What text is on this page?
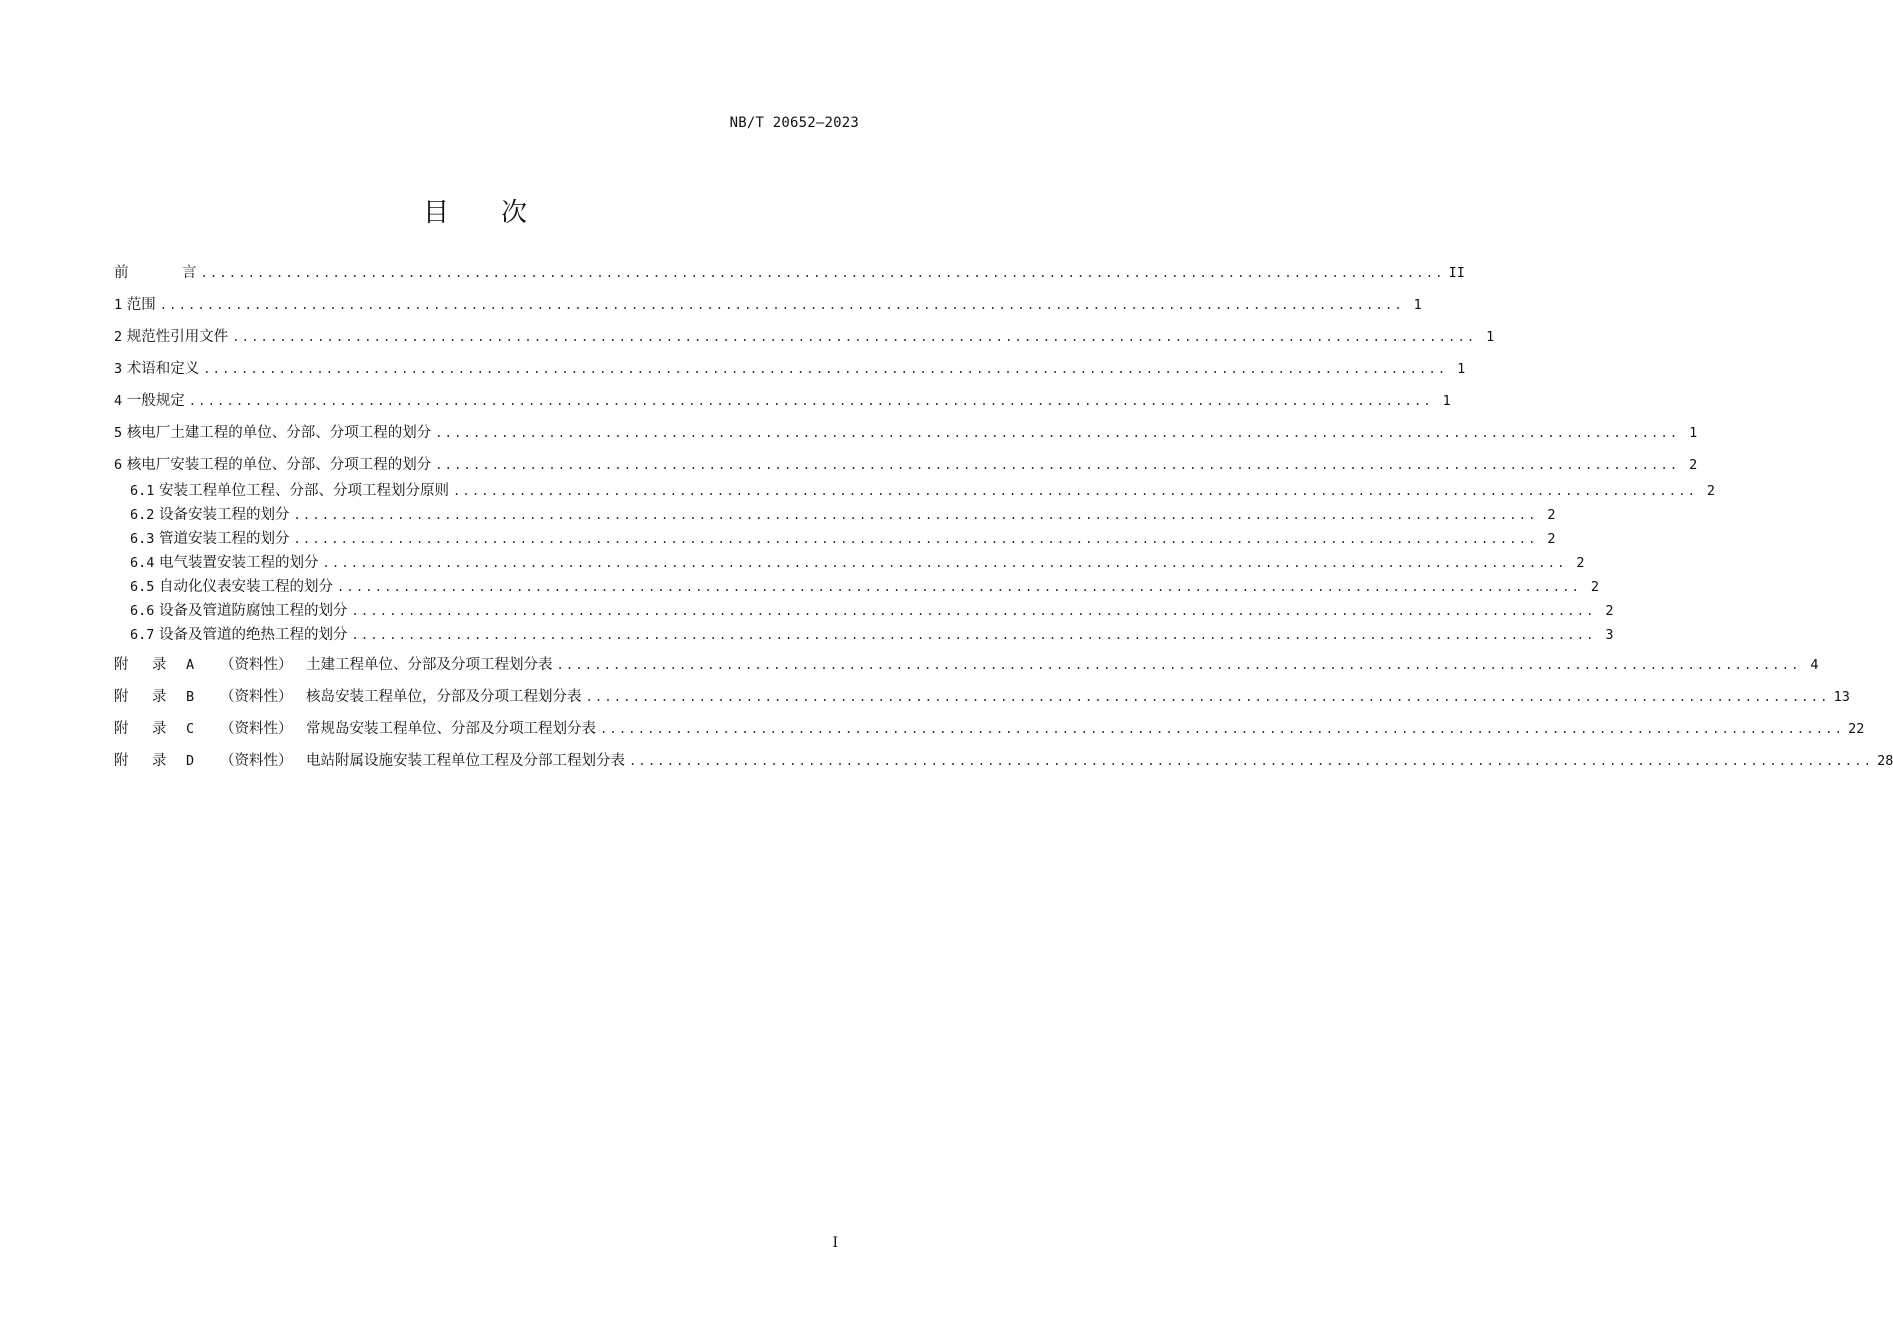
NB/T 20652—2023
目 次
前	言 .................................................................................................................................... II
1 范围 .................................................................................................................................... 1
2 规范性引用文件 .................................................................................................................................... 1
3 术语和定义 .................................................................................................................................... 1
4 一般规定 .................................................................................................................................... 1
5 核电厂土建工程的单位、分部、分项工程的划分 .................................................................................................................................... 1
6 核电厂安装工程的单位、分部、分项工程的划分 .................................................................................................................................... 2
6.1 安装工程单位工程、分部、分项工程划分原则 .................................................................................................................................... 2
6.2 设备安装工程的划分 .................................................................................................................................... 2
6.3 管道安装工程的划分 .................................................................................................................................... 2
6.4 电气装置安装工程的划分 .................................................................................................................................... 2
6.5 自动化仪表安装工程的划分 .................................................................................................................................... 2
6.6 设备及管道防腐蚀工程的划分 .................................................................................................................................... 2
6.7 设备及管道的绝热工程的划分 .................................................................................................................................... 3
附 录 A （资料性） 土建工程单位、分部及分项工程划分表 .................................................................................................................................... 4
附 录 B （资料性） 核岛安装工程单位，分部及分项工程划分表 .................................................................................................................................... 13
附 录 C （资料性） 常规岛安装工程单位、分部及分项工程划分表 .................................................................................................................................... 22
附 录 D （资料性） 电站附属设施安装工程单位工程及分部工程划分表 .................................................................................................................................... 28
I
